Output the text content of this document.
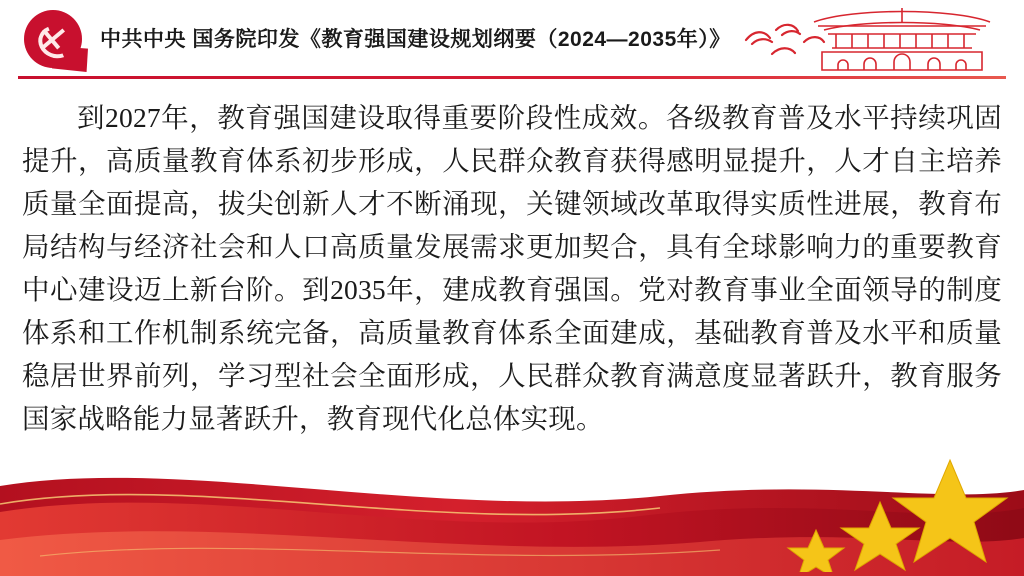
中共中央 国务院印发《教育强国建设规划纲要（2024—2035年）》
到2027年，教育强国建设取得重要阶段性成效。各级教育普及水平持续巩固提升，高质量教育体系初步形成，人民群众教育获得感明显提升，人才自主培养质量全面提高，拔尖创新人才不断涌现，关键领域改革取得实质性进展，教育布局结构与经济社会和人口高质量发展需求更加契合，具有全球影响力的重要教育中心建设迈上新台阶。到2035年，建成教育强国。党对教育事业全面领导的制度体系和工作机制系统完备，高质量教育体系全面建成，基础教育普及水平和质量稳居世界前列，学习型社会全面形成，人民群众教育满意度显著跃升，教育服务国家战略能力显著跃升，教育现代化总体实现。
